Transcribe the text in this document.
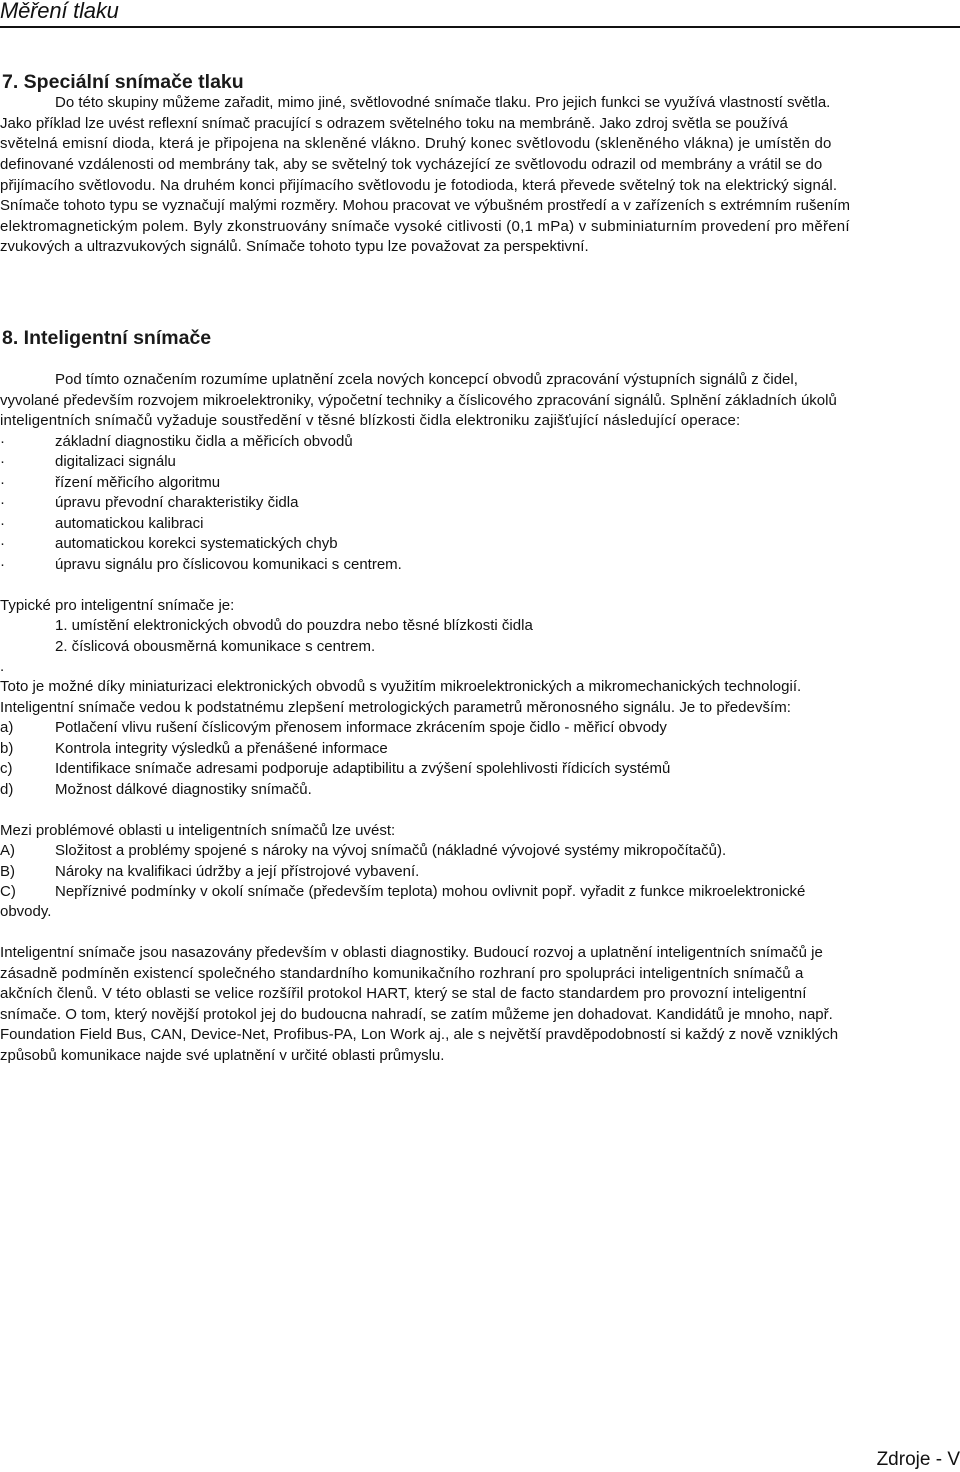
Měření tlaku
7. Speciální snímače tlaku
Do této skupiny můžeme zařadit, mimo jiné, světlovodné snímače tlaku. Pro jejich funkci se využívá vlastností světla.
Jako příklad lze uvést reflexní snímač pracující s odrazem světelného toku na membráně. Jako zdroj světla se používá
světelná emisní dioda, která je připojena na skleněné vlákno. Druhý konec světlovodu (skleněného vlákna) je umístěn do
definované vzdálenosti od membrány tak, aby se světelný tok vycházející ze světlovodu odrazil od membrány a vrátil se do
přijímacího světlovodu. Na druhém konci přijímacího světlovodu je fotodioda, která převede světelný tok na elektrický signál.
Snímače tohoto typu se vyznačují malými rozměry. Mohou pracovat ve výbušném prostředí a v zařízeních s extrémním rušením
elektromagnetickým polem. Byly zkonstruovány snímače vysoké citlivosti (0,1 mPa) v subminiaturním provedení pro měření
zvukových a ultrazvukových signálů. Snímače tohoto typu lze považovat za perspektivní.
8. Inteligentní snímače
Pod tímto označením rozumíme uplatnění zcela nových koncepcí obvodů zpracování výstupních signálů z čidel,
vyvolané především rozvojem mikroelektroniky, výpočetní techniky a číslicového zpracování signálů. Splnění základních úkolů
inteligentních snímačů vyžaduje soustředění v těsné blízkosti čidla elektroniku zajišťující následující operace:
·	základní diagnostiku čidla a měřicích obvodů
·	digitalizaci signálu
·	řízení měřicího algoritmu
·	úpravu převodní charakteristiky čidla
·	automatickou kalibraci
·	automatickou korekci systematických chyb
·	úpravu signálu pro číslicovou komunikaci s centrem.
Typické pro inteligentní snímače je:
1. umístění elektronických obvodů do pouzdra nebo těsné blízkosti čidla
2. číslicová obousměrná komunikace s centrem.
.
Toto je možné díky miniaturizaci elektronických obvodů s využitím mikroelektronických a mikromechanických technologií.
Inteligentní snímače vedou k podstatnému zlepšení metrologických parametrů měronosného signálu. Je to především:
a)	Potlačení vlivu rušení číslicovým přenosem informace zkrácením spoje čidlo - měřicí obvody
b)	Kontrola integrity výsledků a přenášené informace
c)	Identifikace snímače adresami podporuje adaptibilitu a zvýšení spolehlivosti řídicích systémů
d)	Možnost dálkové diagnostiky snímačů.
Mezi problémové oblasti u inteligentních snímačů lze uvést:
A)	Složitost a problémy spojené s nároky na vývoj snímačů (nákladné vývojové systémy mikropočítačů).
B)	Nároky na kvalifikaci údržby a její přístrojové vybavení.
C)	Nepříznivé podmínky v okolí snímače (především teplota) mohou ovlivnit popř. vyřadit z funkce mikroelektronické
obvody.
Inteligentní snímače jsou nasazovány především v oblasti diagnostiky. Budoucí rozvoj a uplatnění inteligentních snímačů je
zásadně podmíněn existencí společného standardního komunikačního rozhraní pro spolupráci inteligentních snímačů a
akčních členů. V této oblasti se velice rozšířil protokol HART, který se stal de facto standardem pro provozní inteligentní
snímače. O tom, který novější protokol jej do budoucna nahradí, se zatím můžeme jen dohadovat. Kandidátů je mnoho, např.
Foundation Field Bus, CAN, Device-Net, Profibus-PA, Lon Work aj., ale s největší pravděpodobností si každý z nově vzniklých
způsobů komunikace najde své uplatnění v určité oblasti průmyslu.
Zdroje - V
